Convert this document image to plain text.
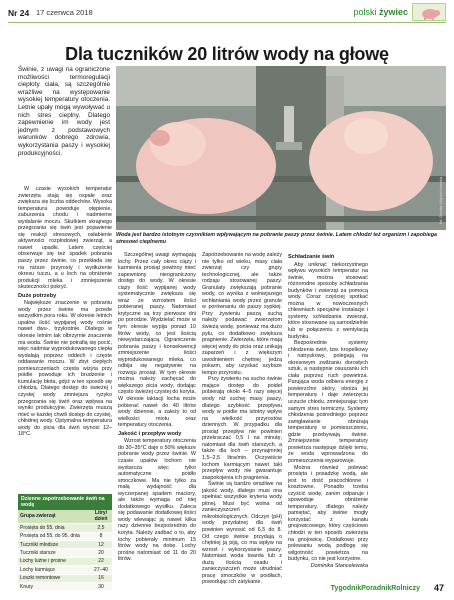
Nr 24 17 czerwca 2018	polski żywiec
Dla tuczników 20 litrów wody na głowę

Świnie, z uwagi na ograniczone możliwości termoregulacji ciepłoty ciała, są szczególnie wrażliwe na występowanie wysokiej temperatury otoczenia. Letnie upały mogą wywoływać u nich stres cieplny. Dlatego zapewnienie im wody jest jednym z podstawowych warunków dobrego zdrowia, wykorzystania paszy i wysokiej produkcyjności.

fot. Dorota Wojciechowska

Woda jest bardzo istotnym czynnikiem wpływającym na pobranie paszy przez świnie. Latem chłodzi też organizm i zapobiega stresowi cieplnemu

W czasie wysokich temperatur zwierzęta stają się ospałe oraz zwiększa się liczba oddechów. Wysoka temperatura powoduje otępienie, zaburzenia chodu i nadmierne wydalanie moczu. Skutkiem skrajnego przegrzania się świń jest pojawienie się reakcji stresowych, osłabienie aktywności rozpłodowej zwierząt, a nawet upadki. Latem częściej obserwuje się też spadek pobrania paszy przez świnie, co przekłada się na niższe przyrosty i wydłużenie okresu tuczu, a u loch na obniżenie produkcji mleka i zmniejszenie skuteczności pokryć.

Duże potrzeby

Największe znaczenie w pobraniu wody przez świnie ma przede wszystkim pora roku. W okresie letnich upałów ilość wypijanej wody rośnie nawet dwu-, trzykrotnie. Dlatego w okresie letnim tak olbrzymie znaczenie ma woda. Świnie nie potrafią się pocić, więc nadmiar wyprodukowanego ciepła wydalają poprzez oddech i częste oddawanie moczu. W zbyt ciepłych pomieszczeniach częsta wizyta przy poidle powoduje ich brudzenie i kumulację błota, gdyż w ten sposób się chłodzą. Dlatego dostęp do świeżej i czystej wody zmniejsza ryzyko przegrzania się świń oraz wpływa na wyniki produkcyjne. Zwierzęta muszą mieć w każdej chwili dostęp do czystej, chłodnej wody. Optymalna temperatura wody do picia dla świń wynosi 12–18°C.

Dzienne zapotrzebowanie świń na wodę
Grupa zwierząt	Litry/ dzień
Prosięta do 55. dnia	2,5
Prosięta od 55. do 95. dnia	8
Tuczniki młodsze	12
Tuczniki starsze	20
Lochy luźne i prośne	22
Lochy karmiące	27–40
Loszki remontowe	16
Knury	30

Szczególnej uwagi wymagają lochy. Przez cały okres ciąży i karmienia prosiąt powinny mieć zapewniony nieograniczony dostęp do wody. W okresie ciąży ilość wypijanej wody systematycznie zwiększa się wraz ze wzrostem ilości pobieranej paszy. Natomiast krytyczne są trzy pierwsze dni po porodzie. Wydzielać może w tym okresie wypija ponad 10 litrów wody, co jest ilością niewystarczającą. Ograniczenie pobrania paszy i konsekwencji zmniejszenie ilości wyprodukowanego mleka, co odbija się negatywnie na rozwoju prosiąt. W tym okresie można należy zachęcać do większego picia wody, dodając często świeżej czystej do koryta. W okresie laktacji locha może pobierać nawet do 40 litrów wody dziennie, a zależy to od wielkości miotu oraz temperatury otoczenia.

Jakość i przepływ wody

Wzrost temperatury otoczenia do 30–35°C daje o 50% większe pobranie wody przez świnie. W czasie upałów lochom nie wystarcza więc tylko automatyczne poidło smoczkowe. Ma nie tylko za małą wydajność dla wyczerpanej spadem maciory, ale także wymaga od niej dodatkowego wysiłku. Zaleca się podawanie dodatkowej ilości wody wlewając ją nawet kilka razy dziennie bezpośrednio do koryta. Należy zadbać o to, aby lochy pobierały minimum 15 litrów wody na dobę. Lochy prośne natomiast od 11 do 20 litrów.

Zapotrzebowanie na wodę zależy nie tylko od wieku, masy ciała zwierząt czy grupy technologicznej, ale także rodzaju stosowanej paszy. Granulaty zwiększają pobranie wody, co wynika z wolniejszego wchłaniania wody przez granule w porównaniu do paszy sypkiej. Przy żywieniu paszą suchą należy podawać zwierzętom świeżą wodę, ponieważ ma dużo pyłu, co dodatkowo zwiększa pragnienie. Zwierzęta, które mają więcej wody do picia oraz unikają zaparzeń i z większym uwodnieniem chętniej jedzą pokarm, aby uzyskać szybsze tempo przyrostu.

Przy żywieniu na sucho świnie mające dostęp do poideł pobierają około 4–5 razy więcej wody niż suchej masy paszy, dlatego szybkość przepływu wody w poidle ma istotny wpływ na wielkość przyrostów dziennych. W przypadku dla prosiąt przepływ nie powinien przekraczać 0,5 l na minutę, natomiast dla świń starszych, a także dla loch – przynajmniej 1,5–2,5 litra/min. Oczywiście lochom karmiącym nawet taki przepływ wody nie gwarantuje zaspokojenia ich pragnienia.

Świnie są bardzo wrażliwe na jakość wody, dlatego musi ona spełniać wszystkie kryteria wody pitnej. Musi być wolna od zanieczyszczeń mikrobiologicznych. Odczyn (pH) wody przydatnej dla świń powinien wynosić od 6,5 do 8. Od czego świnie przydają o chętniej ją piją, co ma wpływ na wzrost i wykorzystanie paszy. Natomiast woda twarda lub z dużą ilością osadu i zanieczyszczeń może utrudniać pracę smoczków w poidłach, powodując ich zatykanie.

Schładzanie świń

Aby uniknąć niekorzystnego wpływu wysokich temperatur na świnie, można stosować różnorodne sposoby schładzania budynków i zwierząt za pomocą wody. Coraz częściej spotkać można w nowoczesnych chlewniach specjalne instalacje i systemy schładzania zwierząt, które stosowane są samodzielnie lub w połączeniu z wentylacją budynku.

Bezpośrednie systemy chłodzenia świń, tzw. kropelkowy i natryskowy, polegają na okresowym zwilżaniu dorosłych sztuk, a następnie osuszaniu ich ciała poprzez ruch powietrza. Parująca woda odbiera energię z powierzchni skóry, obniża jej temperaturę i daje zwierzęciu uczucie chłodu, zmniejszając tym samym stres termiczny. Systemy chłodzenia pośredniego poprzez zamgławianie obniżają temperaturę w pomieszczeniu, gdzie przebywają świnie. Zmniejszenie temperatury powietrza następuje dzięki temu, że woda wprowadzona do pomieszczenia wyparowuje.

Można również polewać prosięta i posadzkę wodą, ale jest to dość pracochłonne i kosztowne. Ponadto trzeba czyścić wodę, zanim odparuje i spowoduje obniżenie temperatury, dlatego należy pamiętać, aby świnie mogły korzystać z kanału gnojowicowego, który częściowo chłodzi w ten sposób zwierzęta na gnojowicę. Dodatkowo przy polewaniu wodą podłogę się wilgotność powietrza na budynku, co nie jest korzystne.

Dominika Stancelewska

TygodnikPoradnikRolniczy 47
